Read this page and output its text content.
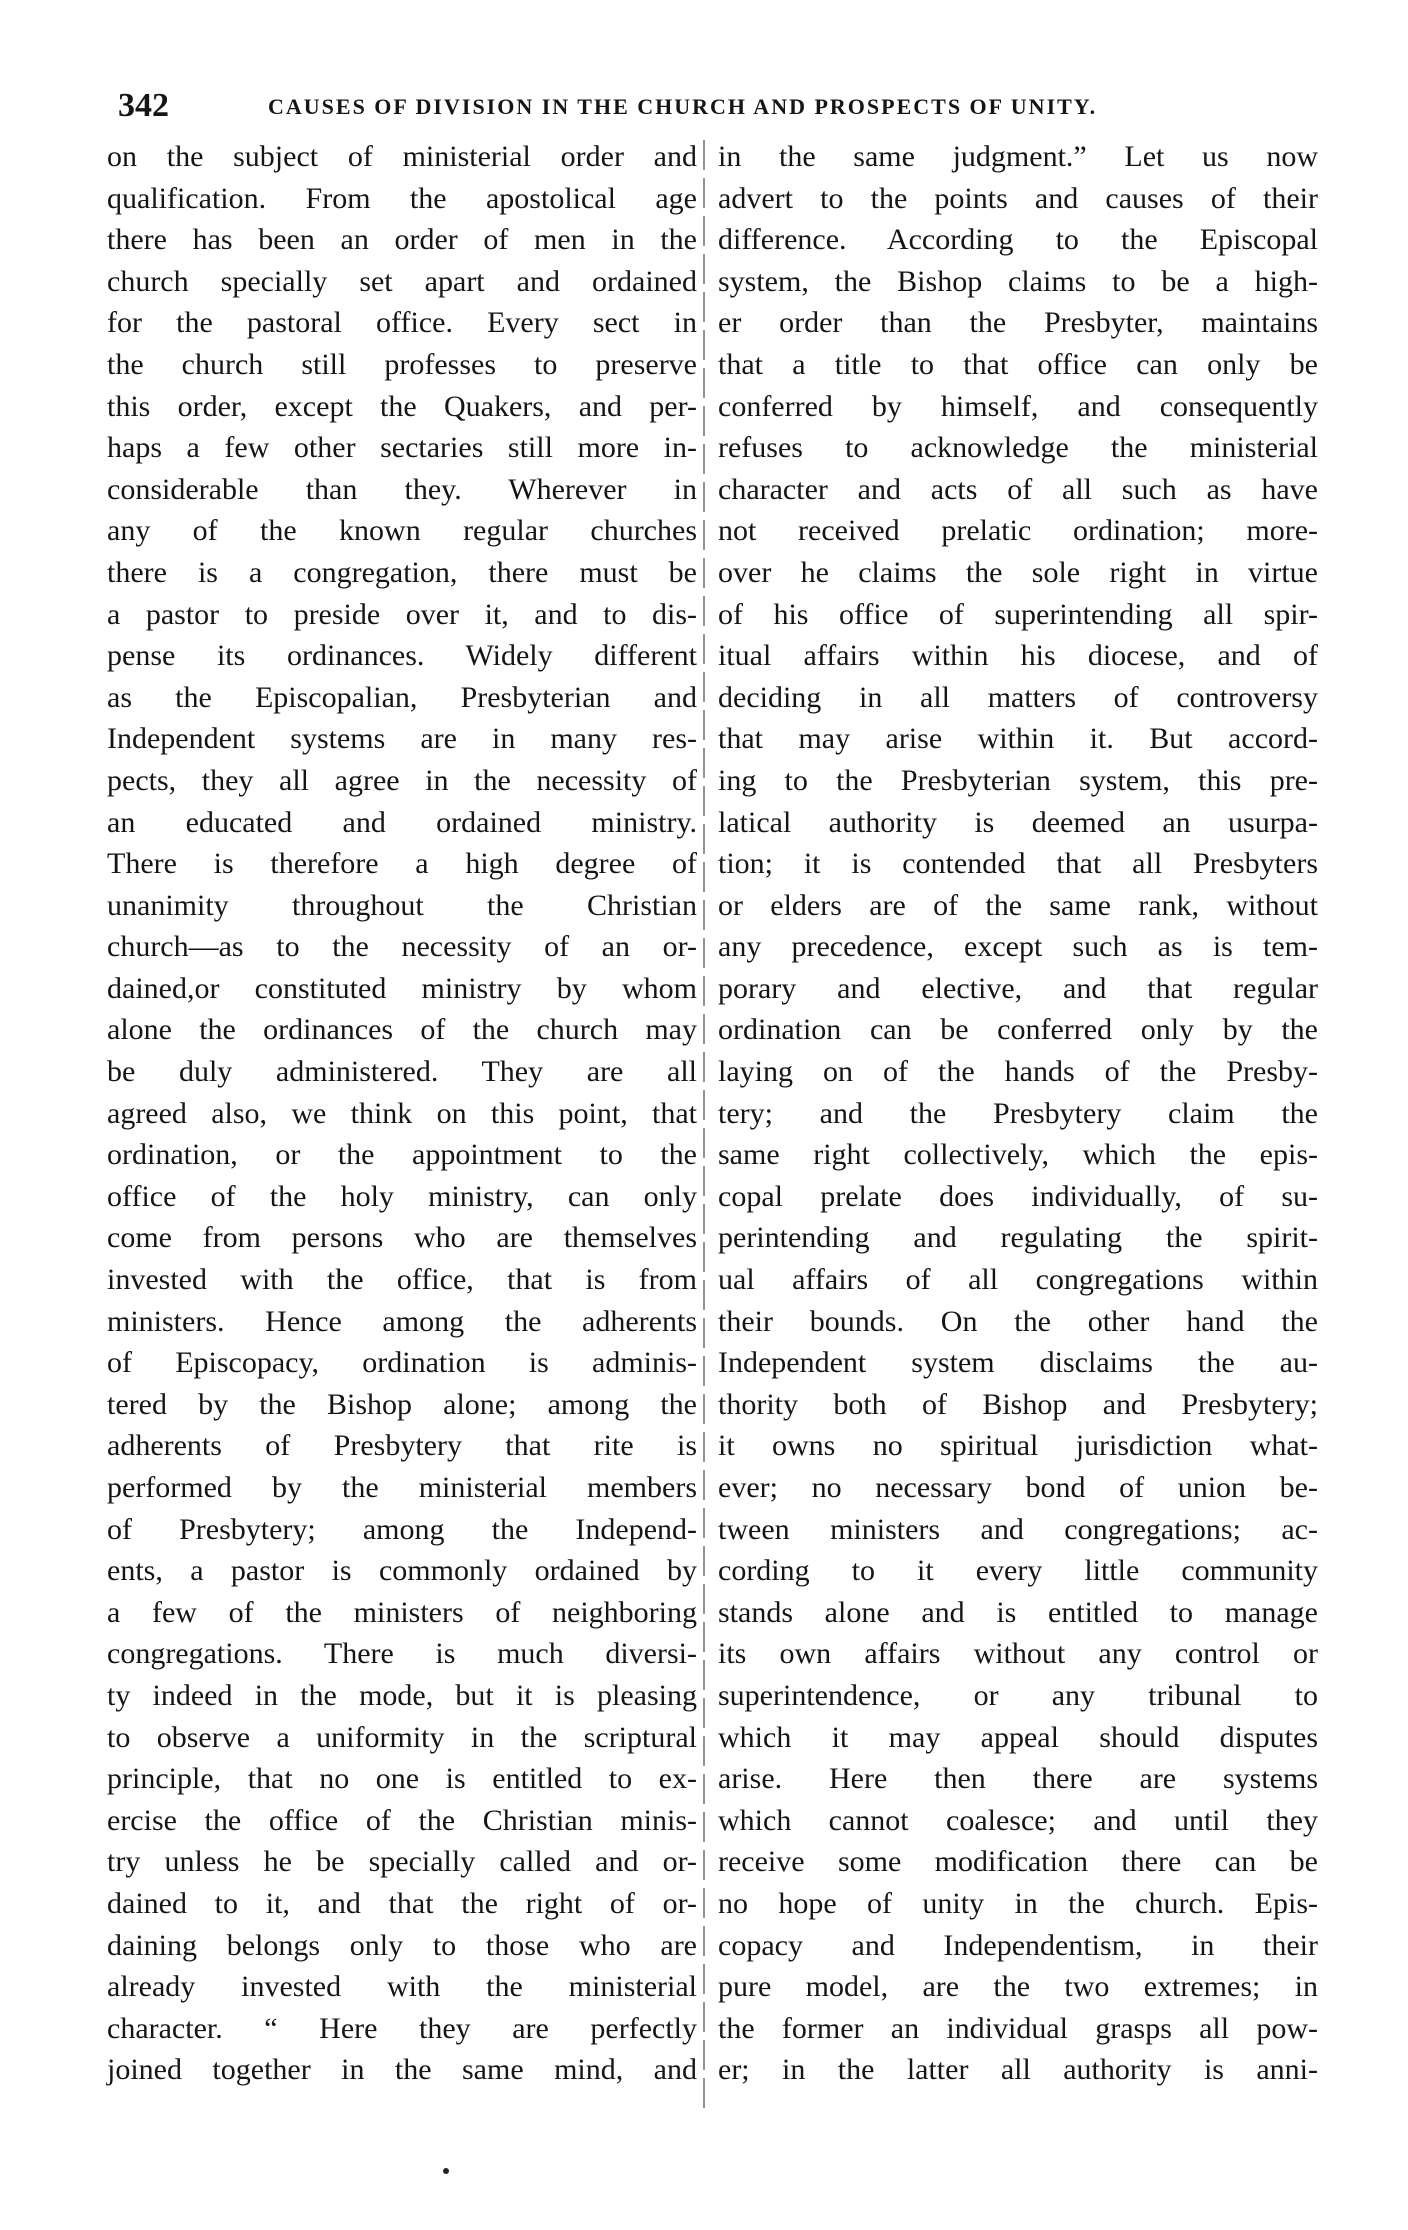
342	CAUSES OF DIVISION IN THE CHURCH AND PROSPECTS OF UNITY.
on the subject of ministerial order and
qualification. From the apostolical age
there has been an order of men in the
church specially set apart and ordained
for the pastoral office. Every sect in
the church still professes to preserve
this order, except the Quakers, and per-
haps a few other sectaries still more in-
considerable than they. Wherever in
any of the known regular churches
there is a congregation, there must be
a pastor to preside over it, and to dis-
pense its ordinances. Widely different
as the Episcopalian, Presbyterian and
Independent systems are in many res-
pects, they all agree in the necessity of
an educated and ordained ministry.
There is therefore a high degree of
unanimity throughout the Christian
church—as to the necessity of an or-
dained,or constituted ministry by whom
alone the ordinances of the church may
be duly administered. They are all
agreed also, we think on this point, that
ordination, or the appointment to the
office of the holy ministry, can only
come from persons who are themselves
invested with the office, that is from
ministers. Hence among the adherents
of Episcopacy, ordination is adminis-
tered by the Bishop alone; among the
adherents of Presbytery that rite is
performed by the ministerial members
of Presbytery; among the Independ-
ents, a pastor is commonly ordained by
a few of the ministers of neighboring
congregations. There is much diversi-
ty indeed in the mode, but it is pleasing
to observe a uniformity in the scriptural
principle, that no one is entitled to ex-
ercise the office of the Christian minis-
try unless he be specially called and or-
dained to it, and that the right of or-
daining belongs only to those who are
already invested with the ministerial
character. “ Here they are perfectly
joined together in the same mind, and
in the same judgment.” Let us now
advert to the points and causes of their
difference. According to the Episcopal
system, the Bishop claims to be a high-
er order than the Presbyter, maintains
that a title to that office can only be
conferred by himself, and consequently
refuses to acknowledge the ministerial
character and acts of all such as have
not received prelatic ordination; more-
over he claims the sole right in virtue
of his office of superintending all spir-
itual affairs within his diocese, and of
deciding in all matters of controversy
that may arise within it. But accord-
ing to the Presbyterian system, this pre-
latical authority is deemed an usurpa-
tion; it is contended that all Presbyters
or elders are of the same rank, without
any precedence, except such as is tem-
porary and elective, and that regular
ordination can be conferred only by the
laying on of the hands of the Presby-
tery; and the Presbytery claim the
same right collectively, which the epis-
copal prelate does individually, of su-
perintending and regulating the spirit-
ual affairs of all congregations within
their bounds. On the other hand the
Independent system disclaims the au-
thority both of Bishop and Presbytery;
it owns no spiritual jurisdiction what-
ever; no necessary bond of union be-
tween ministers and congregations; ac-
cording to it every little community
stands alone and is entitled to manage
its own affairs without any control or
superintendence, or any tribunal to
which it may appeal should disputes
arise. Here then there are systems
which cannot coalesce; and until they
receive some modification there can be
no hope of unity in the church. Epis-
copacy and Independentism, in their
pure model, are the two extremes; in
the former an individual grasps all pow-
er; in the latter all authority is anni-
